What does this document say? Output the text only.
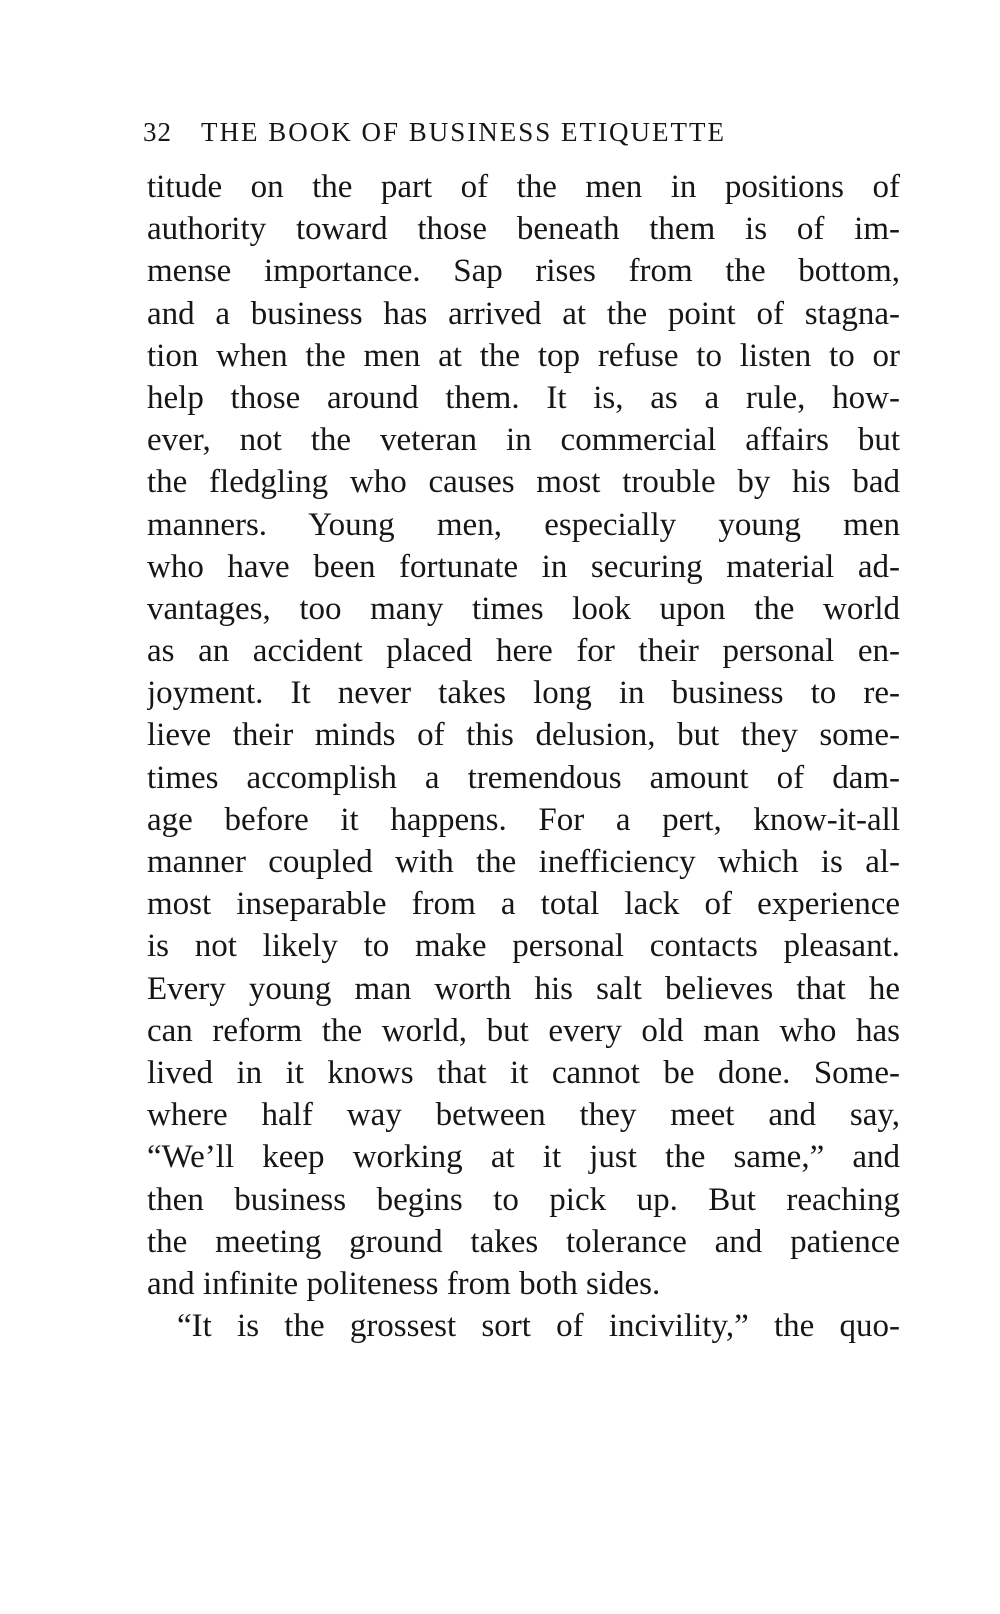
32 THE BOOK OF BUSINESS ETIQUETTE
titude on the part of the men in positions of
authority toward those beneath them is of im-
mense importance. Sap rises from the bottom,
and a business has arrived at the point of stagna-
tion when the men at the top refuse to listen to or
help those around them. It is, as a rule, how-
ever, not the veteran in commercial affairs but
the fledgling who causes most trouble by his bad
manners. Young men, especially young men
who have been fortunate in securing material ad-
vantages, too many times look upon the world
as an accident placed here for their personal en-
joyment. It never takes long in business to re-
lieve their minds of this delusion, but they some-
times accomplish a tremendous amount of dam-
age before it happens. For a pert, know-it-all
manner coupled with the inefficiency which is al-
most inseparable from a total lack of experience
is not likely to make personal contacts pleasant.
Every young man worth his salt believes that he
can reform the world, but every old man who has
lived in it knows that it cannot be done. Some-
where half way between they meet and say,
“We’ll keep working at it just the same,” and
then business begins to pick up. But reaching
the meeting ground takes tolerance and patience
and infinite politeness from both sides.
“It is the grossest sort of incivility,” the quo-
